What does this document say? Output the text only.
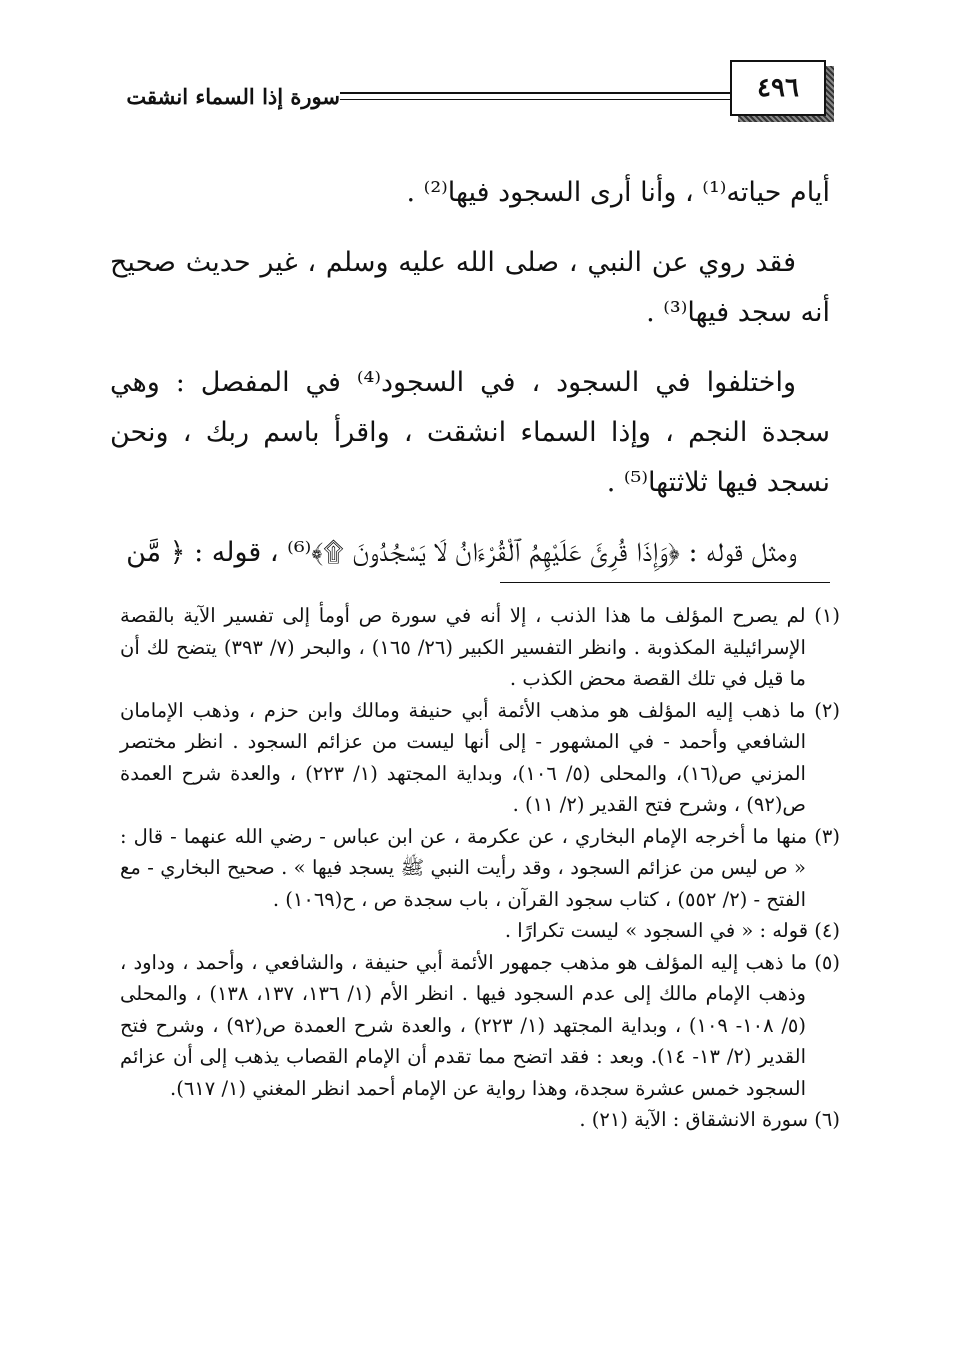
٤٩٦
سورة إذا السماء انشقت

أيام حياته⁽¹⁾ ، وأنا أرى السجود فيها⁽²⁾ .

فقد روي عن النبي ، صلى الله عليه وسلم ، غير حديث صحيح أنه سجد فيها⁽³⁾ .

واختلفوا في السجود ، في السجود⁽⁴⁾ في المفصل : وهي سجدة النجم ، وإذا السماء انشقت ، واقرأ باسم ربك ، ونحن نسجد فيها ثلاثتها⁽⁵⁾ .

ومثل قوله : ﴿وَإِذَا قُرِئَ عَلَيْهِمُ ٱلْقُرْءَانُ لَا يَسْجُدُونَ ۩﴾⁽⁶⁾ ، قوله : ﴿ مَّن

(١) لم يصرح المؤلف ما هذا الذنب ، إلا أنه في سورة ص أومأ إلى تفسير الآية بالقصة الإسرائيلية المكذوبة . وانظر التفسير الكبير (٢٦/ ١٦٥) ، والبحر (٧/ ٣٩٣) يتضح لك أن ما قيل في تلك القصة محض الكذب .

(٢) ما ذهب إليه المؤلف هو مذهب الأئمة أبي حنيفة ومالك وابن حزم ، وذهب الإمامان الشافعي وأحمد - في المشهور - إلى أنها ليست من عزائم السجود . انظر مختصر المزني ص(١٦)، والمحلى (٥/ ١٠٦)، وبداية المجتهد (١/ ٢٢٣) ، والعدة شرح العمدة ص(٩٢) ، وشرح فتح القدير (٢/ ١١) .

(٣) منها ما أخرجه الإمام البخاري ، عن عكرمة ، عن ابن عباس - رضي الله عنهما - قال : « ص ليس من عزائم السجود ، وقد رأيت النبي ﷺ يسجد فيها » . صحيح البخاري - مع الفتح - (٢/ ٥٥٢) ، كتاب سجود القرآن ، باب سجدة ص ، ح(١٠٦٩) .

(٤) قوله : « في السجود » ليست تكرارًا .

(٥) ما ذهب إليه المؤلف هو مذهب جمهور الأئمة أبي حنيفة ، والشافعي ، وأحمد ، وداود ، وذهب الإمام مالك إلى عدم السجود فيها . انظر الأم (١/ ١٣٦، ١٣٧، ١٣٨) ، والمحلى (٥/ ١٠٨- ١٠٩) ، وبداية المجتهد (١/ ٢٢٣) ، والعدة شرح العمدة ص(٩٢) ، وشرح فتح القدير (٢/ ١٣- ١٤). وبعد : فقد اتضح مما تقدم أن الإمام القصاب يذهب إلى أن عزائم السجود خمس عشرة سجدة، وهذا رواية عن الإمام أحمد انظر المغني (١/ ٦١٧).

(٦) سورة الانشقاق : الآية (٢١) .
